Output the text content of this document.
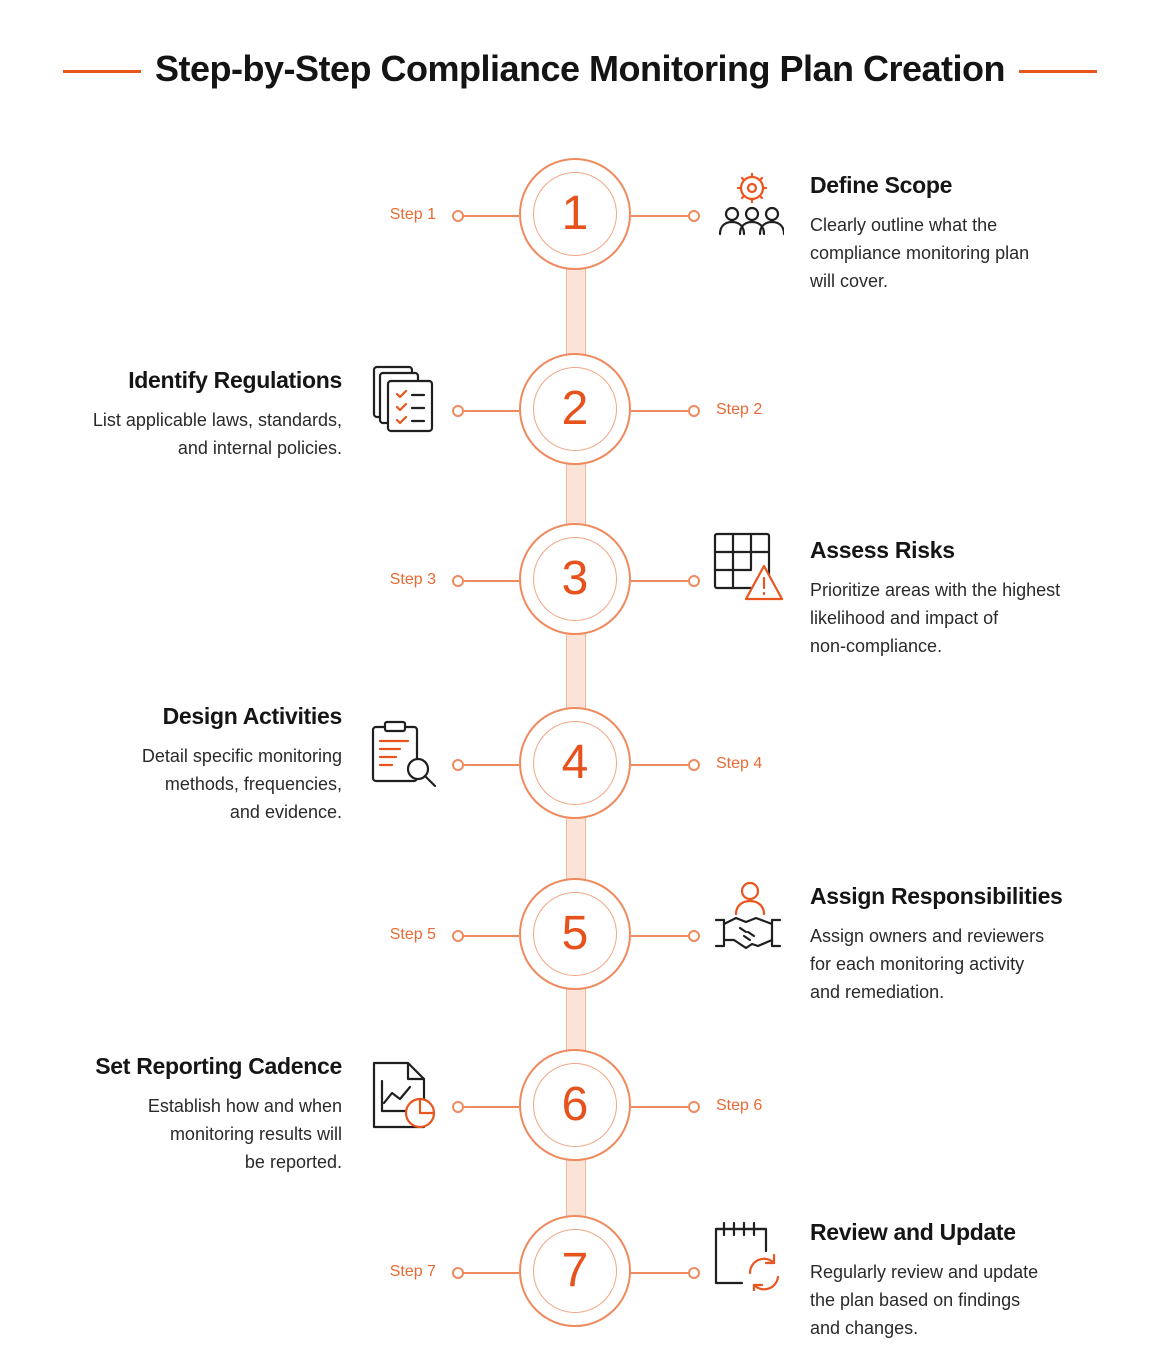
Step-by-Step Compliance Monitoring Plan Creation
Step 1	1

Define Scope

Clearly outline what the
compliance monitoring plan
will cover.

Identify Regulations

List applicable laws, standards,
and internal policies.

2	Step 2
Step 3	3

Assess Risks

Prioritize areas with the highest
likelihood and impact of
non-compliance.

Design Activities

Detail specific monitoring
methods, frequencies,
and evidence.

4	Step 4
Step 5	5

Assign Responsibilities

Assign owners and reviewers
for each monitoring activity
and remediation.

Set Reporting Cadence

Establish how and when
monitoring results will
be reported.

6	Step 6
Step 7	7

Review and Update

Regularly review and update
the plan based on findings
and changes.
